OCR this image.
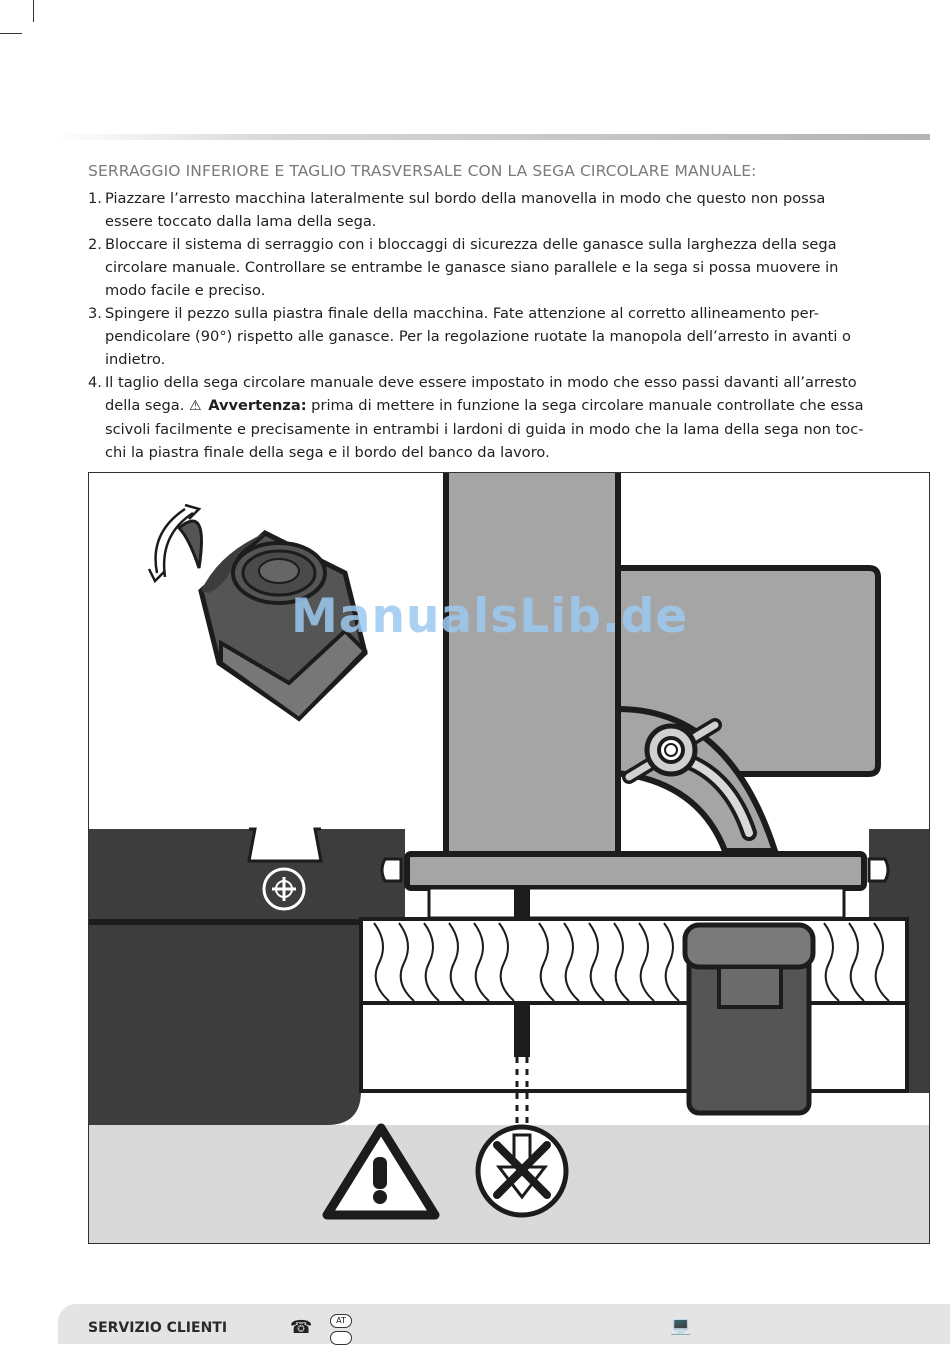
SERRAGGIO INFERIORE E TAGLIO TRASVERSALE CON LA SEGA CIRCOLARE MANUALE:
1. Piazzare l’arresto macchina lateralmente sul bordo della manovella in modo che questo non possa
essere toccato dalla lama della sega.
2. Bloccare il sistema di serraggio con i bloccaggi di sicurezza delle ganasce sulla larghezza della sega
circolare manuale. Controllare se entrambe le ganasce siano parallele e la sega si possa muovere in
modo facile e preciso.
3. Spingere il pezzo sulla piastra finale della macchina. Fate attenzione al corretto allineamento per-
pendicolare (90°) rispetto alle ganasce. Per la regolazione ruotate la manopola dell’arresto in avanti o
indietro.
4. Il taglio della sega circolare manuale deve essere impostato in modo che esso passi davanti all’arresto
della sega. ⚠ Avvertenza: prima di mettere in funzione la sega circolare manuale controllate che essa
scivoli facilmente e precisamente in entrambi i lardoni di guida in modo che la lama della sega non toc-
chi la piastra finale della sega e il bordo del banco da lavoro.
ManualsLib.de
SERVIZIO CLIENTI	☎	AT	💻
